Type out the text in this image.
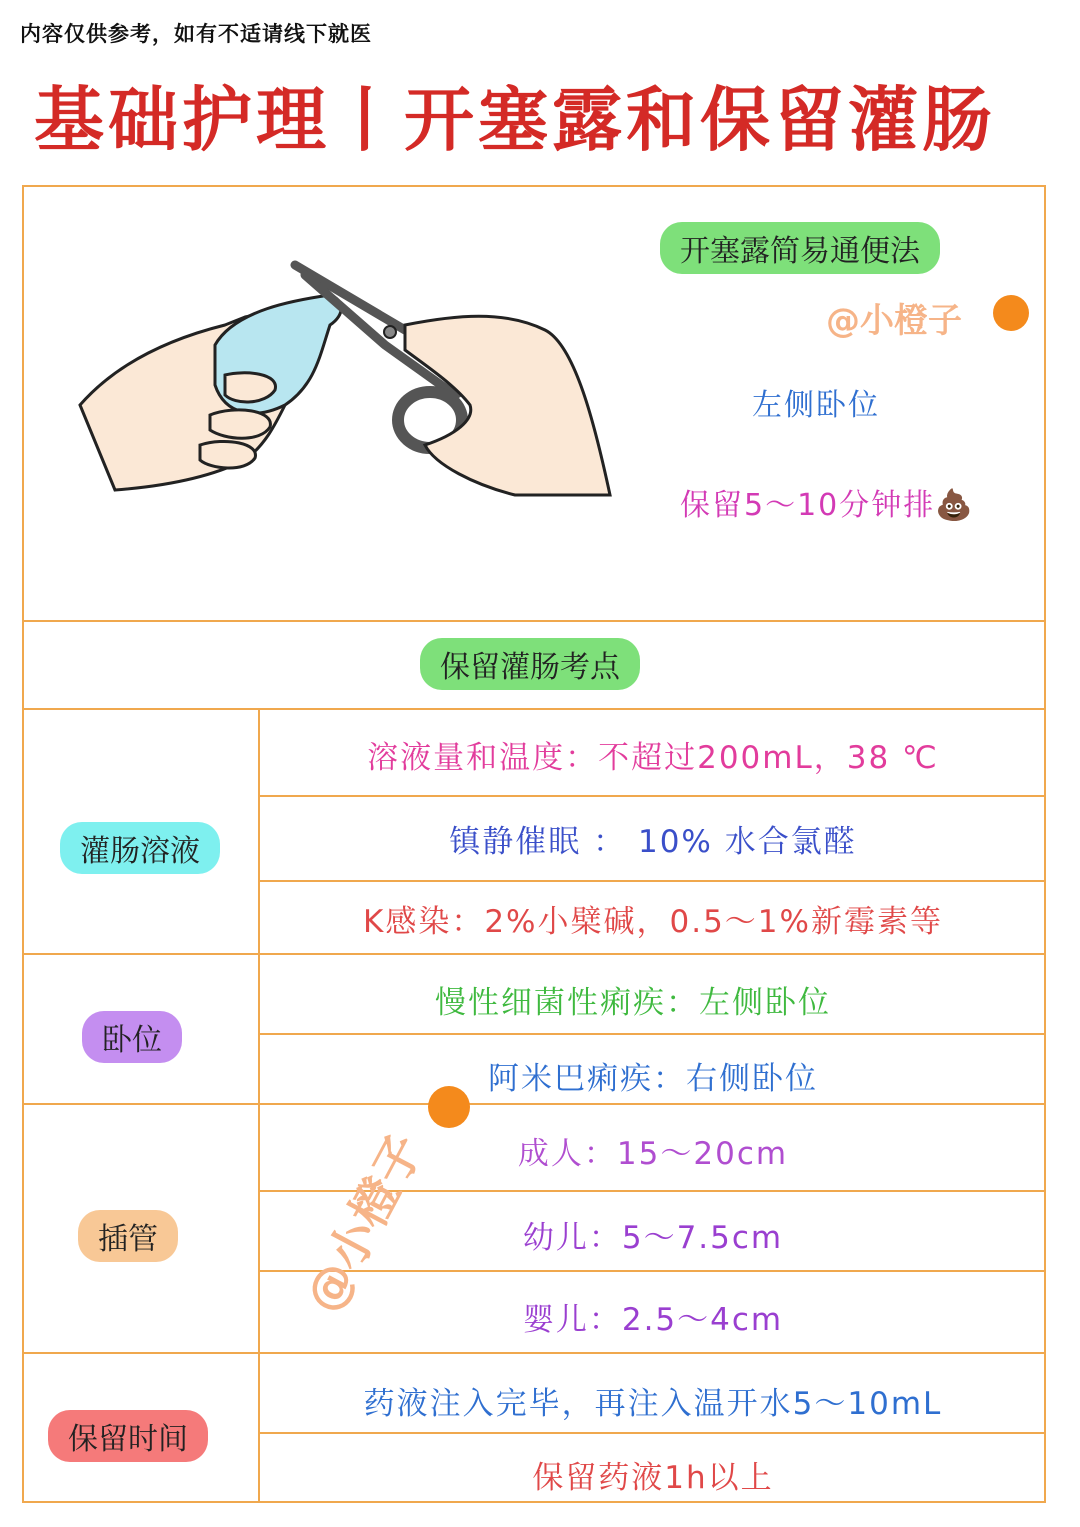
内容仅供参考，如有不适请线下就医
基础护理丨开塞露和保留灌肠
开塞露简易通便法
@小橙子
左侧卧位
保留5～10分钟排💩
保留灌肠考点
灌肠溶液
溶液量和温度：不超过200mL，38 ℃
镇静催眠 ： 10% 水合氯醛
K感染：2%小檗碱，0.5～1%新霉素等
卧位
慢性细菌性痢疾：左侧卧位
阿米巴痢疾：右侧卧位
插管
成人：15～20cm
幼儿：5～7.5cm
婴儿：2.5～4cm
保留时间
药液注入完毕，再注入温开水5～10mL
保留药液1h以上
@小橙子
